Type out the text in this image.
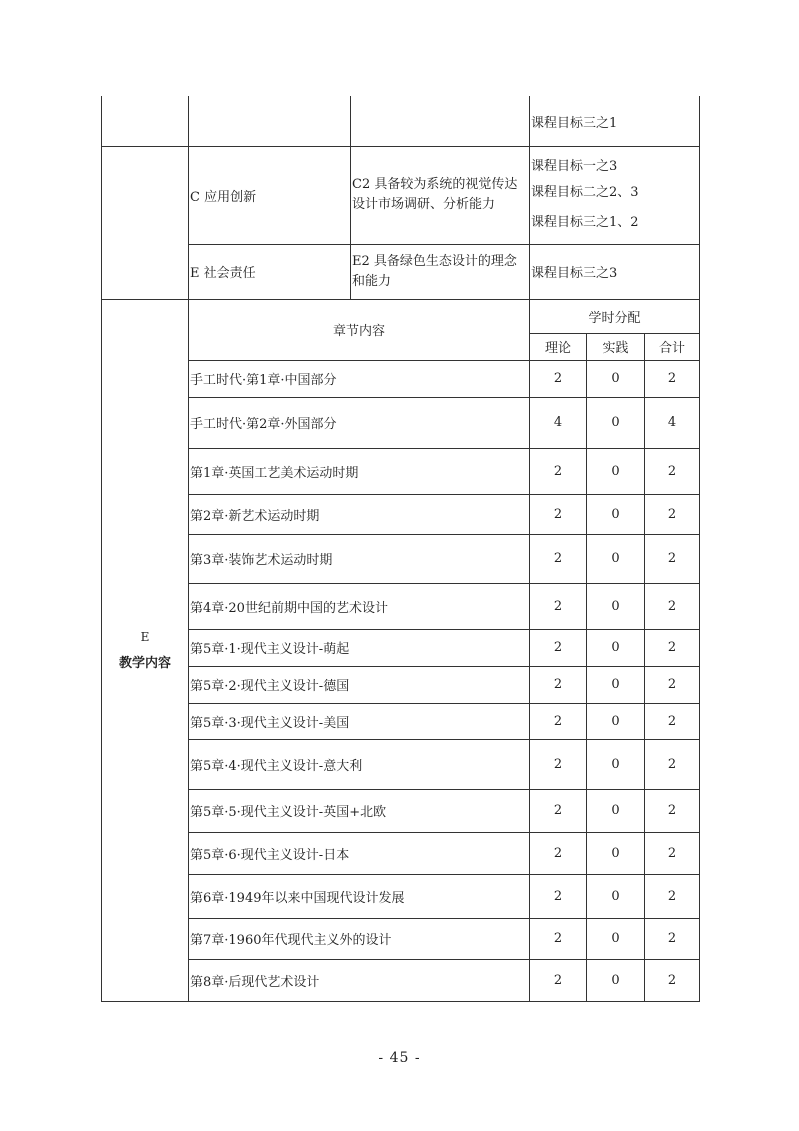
			课程目标三之1		

	C 应用创新	C2 具备较为系统的视觉传达设计市场调研、分析能力	课程目标一之3
课程目标二之2、3
课程目标三之1、2		

	E 社会责任	E2 具备绿色生态设计的理念和能力	课程目标三之3		

E
教学内容	章节内容		学时分配		
			理论	实践	合计
	手工时代·第1章·中国部分		2	0	2
	手工时代·第2章·外国部分		4	0	4
	第1章·英国工艺美术运动时期		2	0	2
	第2章·新艺术运动时期		2	0	2
	第3章·装饰艺术运动时期		2	0	2
	第4章·20世纪前期中国的艺术设计		2	0	2
	第5章·1·现代主义设计-萌起		2	0	2
	第5章·2·现代主义设计-德国		2	0	2
	第5章·3·现代主义设计-美国		2	0	2
	第5章·4·现代主义设计-意大利		2	0	2
	第5章·5·现代主义设计-英国+北欧		2	0	2
	第5章·6·现代主义设计-日本		2	0	2
	第6章·1949年以来中国现代设计发展		2	0	2
	第7章·1960年代现代主义外的设计		2	0	2
	第8章·后现代艺术设计		2	0	2
- 45 -
